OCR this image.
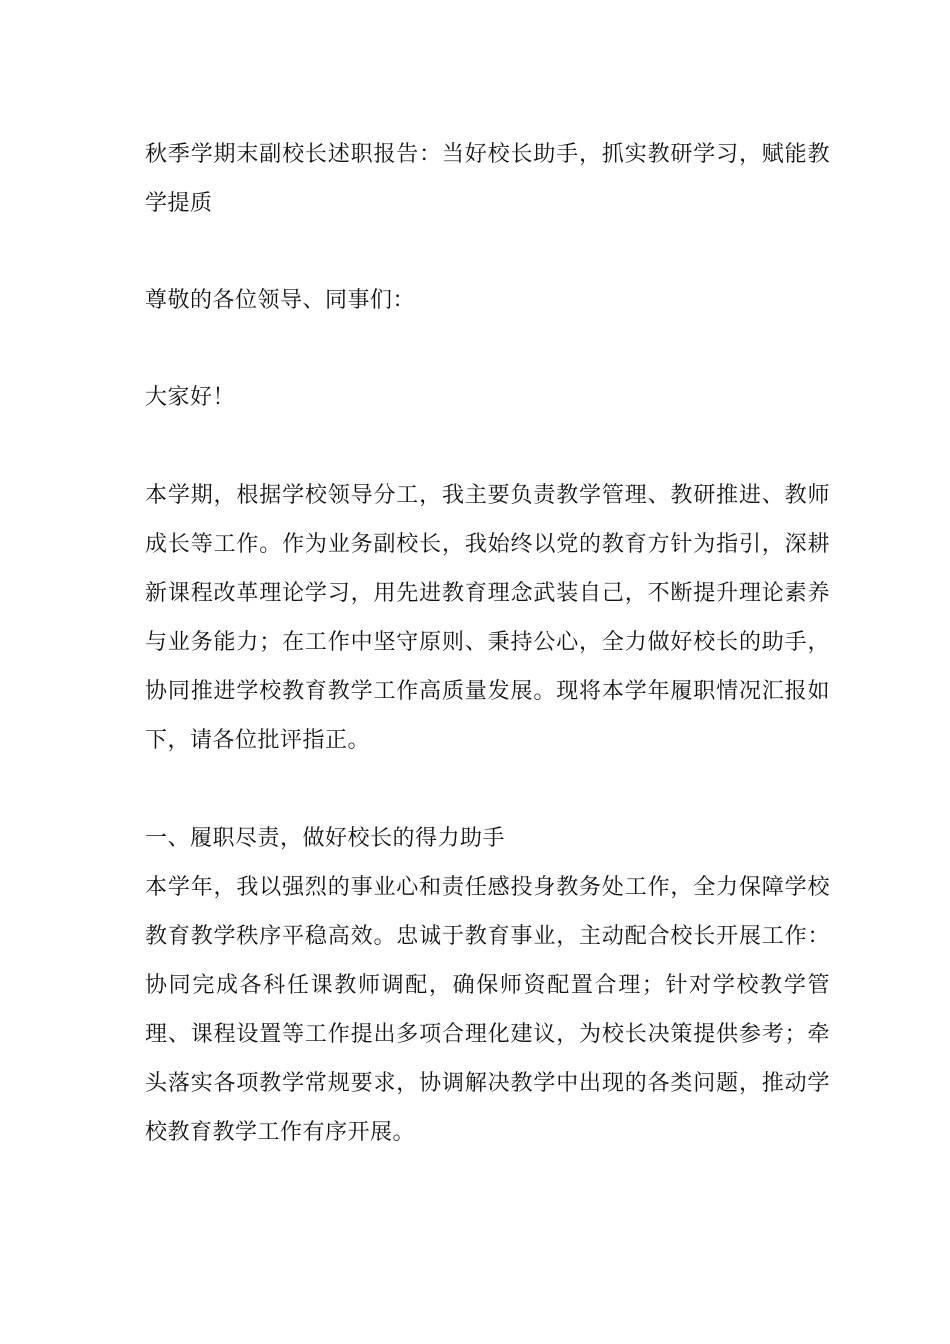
秋季学期末副校长述职报告：当好校长助手，抓实教研学习，赋能教学提质

尊敬的各位领导、同事们：

大家好！

本学期，根据学校领导分工，我主要负责教学管理、教研推进、教师成长等工作。作为业务副校长，我始终以党的教育方针为指引，深耕新课程改革理论学习，用先进教育理念武装自己，不断提升理论素养与业务能力；在工作中坚守原则、秉持公心，全力做好校长的助手，协同推进学校教育教学工作高质量发展。现将本学年履职情况汇报如下，请各位批评指正。

一、履职尽责，做好校长的得力助手

本学年，我以强烈的事业心和责任感投身教务处工作，全力保障学校教育教学秩序平稳高效。忠诚于教育事业，主动配合校长开展工作：协同完成各科任课教师调配，确保师资配置合理；针对学校教学管理、课程设置等工作提出多项合理化建议，为校长决策提供参考；牵头落实各项教学常规要求，协调解决教学中出现的各类问题，推动学校教育教学工作有序开展。
